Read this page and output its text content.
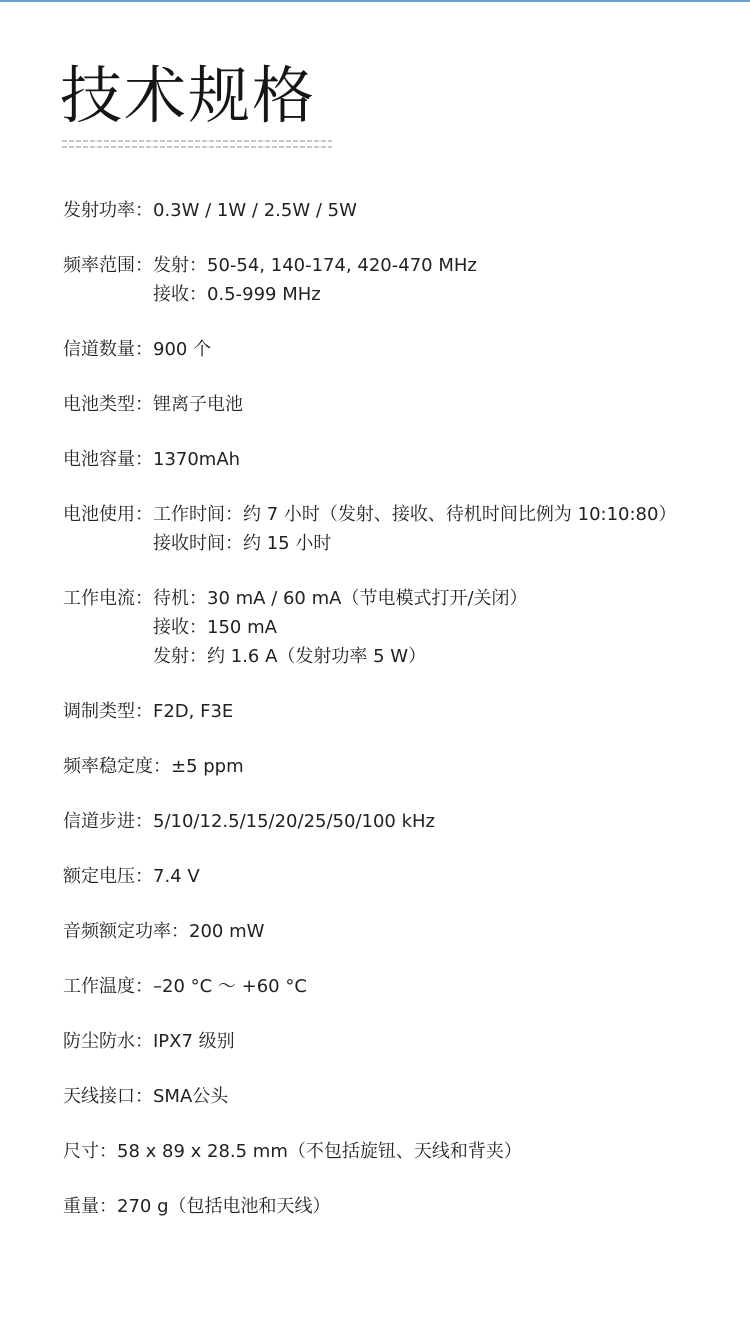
技术规格
发射功率： 0.3W / 1W / 2.5W / 5W
频率范围： 发射：50-54, 140-174, 420-470 MHz
接收：0.5-999 MHz
信道数量： 900 个
电池类型： 锂离子电池
电池容量： 1370mAh
电池使用： 工作时间：约 7 小时（发射、接收、待机时间比例为 10:10:80）
接收时间：约 15 小时
工作电流： 待机：30 mA / 60 mA（节电模式打开/关闭）
接收：150 mA
发射：约 1.6 A（发射功率 5 W）
调制类型： F2D, F3E
频率稳定度： ±5 ppm
信道步进： 5/10/12.5/15/20/25/50/100 kHz
额定电压： 7.4 V
音频额定功率： 200 mW
工作温度： –20 °C ～ +60 °C
防尘防水： IPX7 级别
天线接口： SMA公头
尺寸： 58 x 89 x 28.5 mm（不包括旋钮、天线和背夹）
重量： 270 g（包括电池和天线）
